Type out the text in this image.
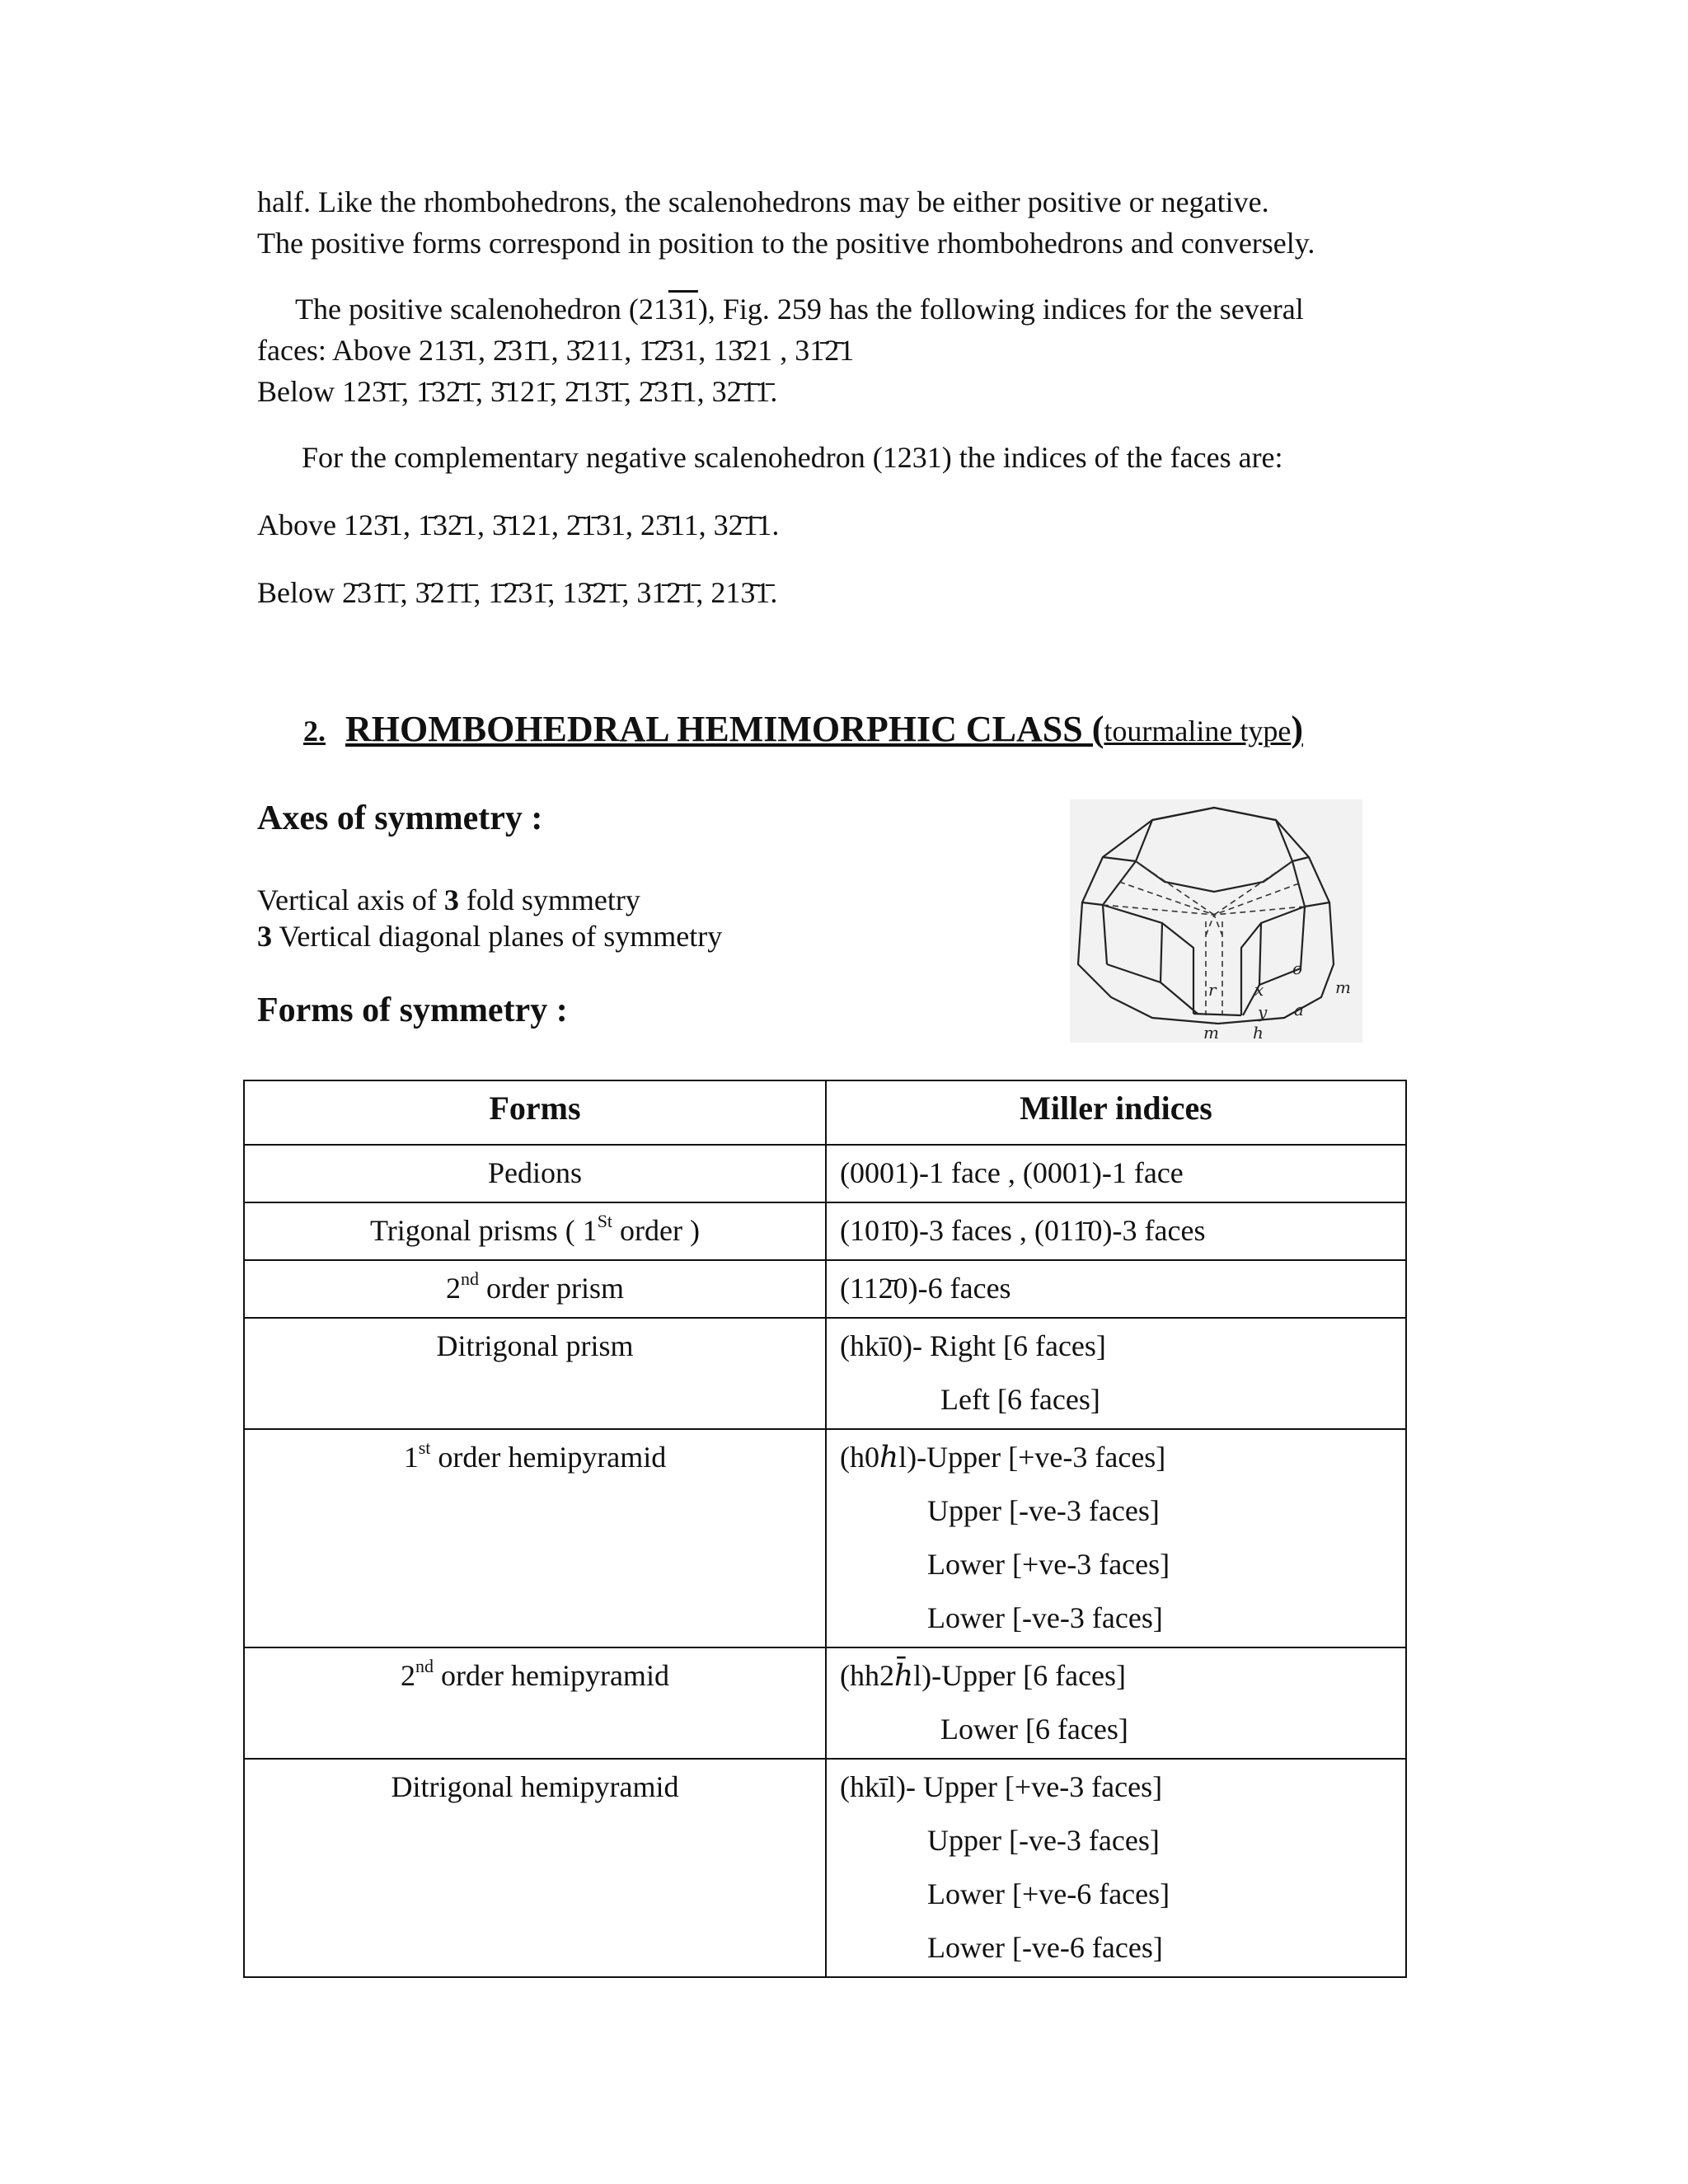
half. Like the rhombohedrons, the scalenohedrons may be either positive or negative.
The positive forms correspond in position to the positive rhombohedrons and conversely.
The positive scalenohedron (2131), Fig. 259 has the following indices for the several
faces: Above 213̄1, 2̄31̄1, 3̄211, 1̄2̄31, 13̄21 , 31̄2̄1
Below 123̄1̄, 1̄32̄1̄, 3̄121̄, 2̄13̄1̄, 2̄31̄1, 32̄1̄1̄.
For the complementary negative scalenohedron (1231) the indices of the faces are:
Above 123̄1, 1̄32̄1, 3̄121, 2̄1̄31, 23̄11, 32̄1̄1.
Below 2̄31̄1̄, 3̄21̄1̄, 1̄2̄31̄, 13̄2̄1̄, 31̄2̄1̄, 213̄1̄.
2. RHOMBOHEDRAL HEMIMORPHIC CLASS (tourmaline type)
Axes of symmetry :
Vertical axis of 3 fold symmetry
3 Vertical diagonal planes of symmetry
Forms of symmetry :
r x
o
m
y a
m h
Forms	Miller indices
Pedions	(0001)-1 face , (0001)-1 face

Trigonal prisms ( 1St order )	(101̄0)-3 faces , (011̄0)-3 faces

2nd order prism	(112̄0)-6 faces

Ditrigonal prism	(hkī0)- Right [6 faces]
Left [6 faces]

1st order hemipyramid	(h0ℎl)-Upper [+ve-3 faces]
Upper [-ve-3 faces]
Lower [+ve-3 faces]
Lower [-ve-3 faces]

2nd order hemipyramid	(hh2ℎ̄l)-Upper [6 faces]
Lower [6 faces]

Ditrigonal hemipyramid	(hkīl)- Upper [+ve-3 faces]
Upper [-ve-3 faces]
Lower [+ve-6 faces]
Lower [-ve-6 faces]
